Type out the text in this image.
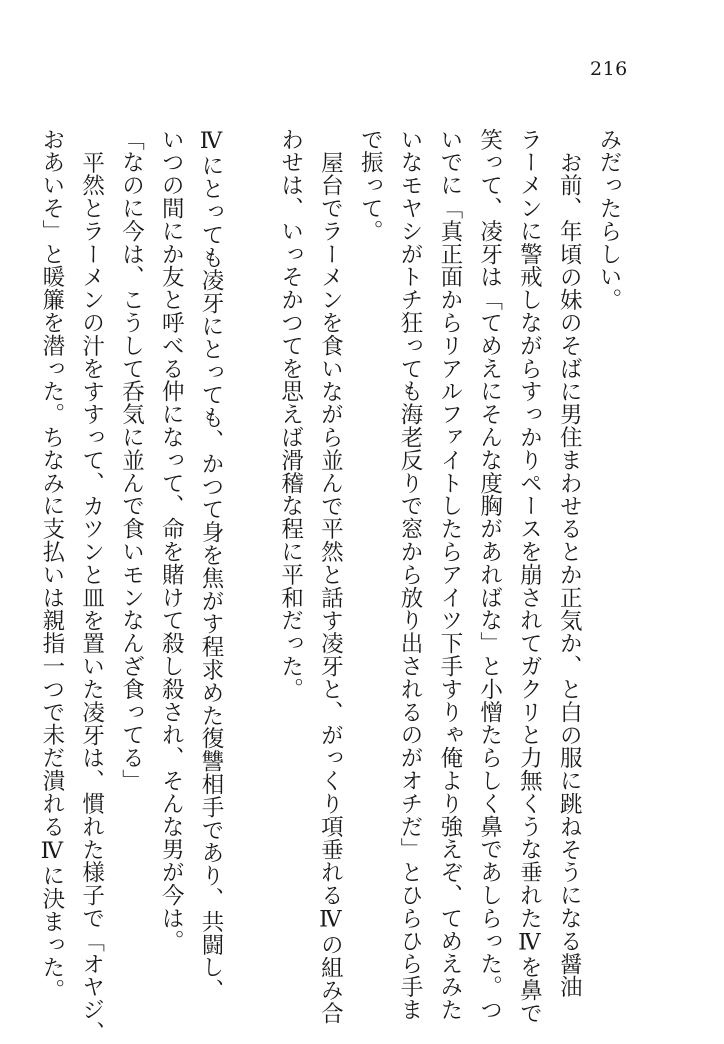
216
みだったらしい。
お前、年頃の妹のそばに男住まわせるとか正気か、と白の服に跳ねそうになる醤油
ラーメンに警戒しながらすっかりペースを崩されてガクリと力無くうな垂れたⅣを鼻で
笑って、凌牙は「てめえにそんな度胸があればな」と小憎たらしく鼻であしらった。つ
いでに「真正面からリアルファイトしたらアイツ下手すりゃ俺より強えぞ、てめえみた
いなモヤシがトチ狂っても海老反りで窓から放り出されるのがオチだ」とひらひら手ま
で振って。
屋台でラーメンを食いながら並んで平然と話す凌牙と、がっくり項垂れるⅣの組み合
わせは、いっそかつてを思えば滑稽な程に平和だった。
Ⅳにとっても凌牙にとっても、かつて身を焦がす程求めた復讐相手であり、共闘し、
いつの間にか友と呼べる仲になって、命を賭けて殺し殺され、そんな男が今は。
「なのに今は、こうして呑気に並んで食いモンなんざ食ってる」
平然とラーメンの汁をすすって、カツンと皿を置いた凌牙は、慣れた様子で「オヤジ、
おあいそ」と暖簾を潜った。ちなみに支払いは親指一つで未だ潰れるⅣに決まった。
